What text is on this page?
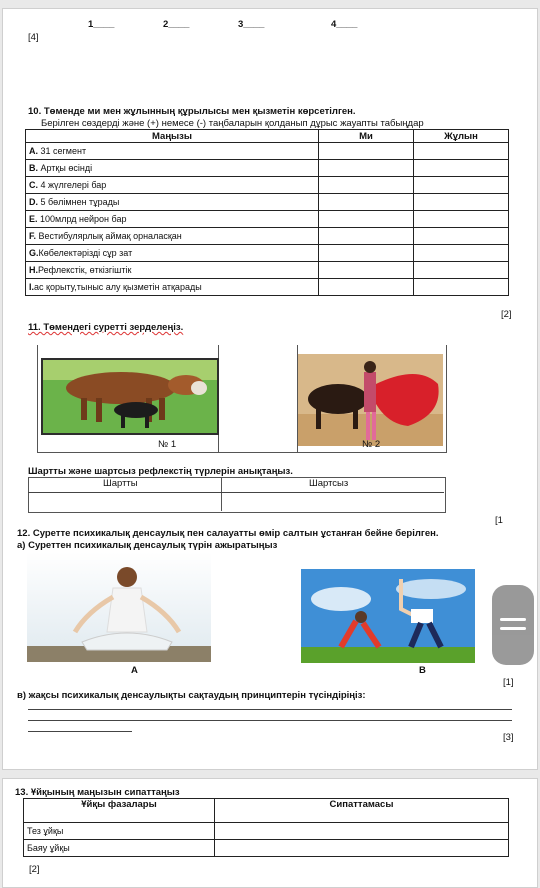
1____	2____	3____	4____
[4]
10. Төменде ми мен жұлынның құрылысы мен қызметін көрсетілген.
Берілген сөздерді және (+) немесе (-) таңбаларын қолданып дұрыс жауапты табыңдар
Маңызы	Ми	Жұлын
A. 31 сегмент		
B. Артқы өсінді		
C. 4 жүлгелері бар		
D. 5 бөлімнен тұрады		
E. 100млрд нейрон бар		
F. Вестибулярлық аймақ орналасқан		
G.Көбелектәрізді сұр зат		
H.Рефлекстік, өткізгіштік		
I.ас қорыту,тыныс алу қызметін атқарады		
[2]
11. Төмендегі суретті зерделеңіз.
№ 1	№ 2
Шартты және шартсыз рефлекстің түрлерін анықтаңыз.
Шартты	Шартсыз
[1
12. Суретте психикалық денсаулық пен салауатты өмір салтын ұстанған бейне берілген.
а) Суреттен психикалық денсаулық түрін ажыратыңыз
A	B
[1]
в) жақсы психикалық денсаулықты сақтаудың принциптерін түсіндіріңіз:
[3]
13. Ұйқының маңызын сипаттаңыз
Ұйқы фазалары	Сипаттамасы
Тез ұйқы	
Баяу ұйқы	
[2]
